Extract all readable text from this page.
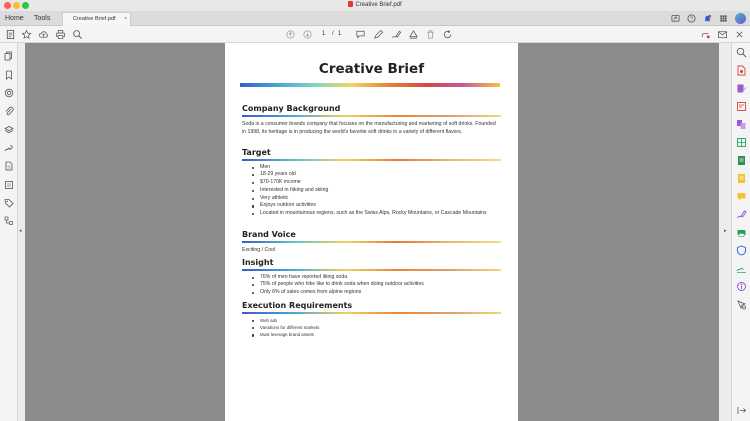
Creative Brief.pdf
Home Tools	Creative Brief.pdf ×	?
1 / 1
◂
Creative Brief
Company Background

Soda is a consumer brands company that focuses on the manufacturing and marketing of soft drinks. Founded in 1998, its heritage is in producing the world's favorite soft drinks in a variety of different flavors.

Target
Men
18-29 years old
$70-170K income
Interested in hiking and skiing
Very athletic
Enjoys outdoor activities
Located in mountainous regions, such as the Swiss Alps, Rocky Mountains, or Cascade Mountains
Brand Voice

Exciting / Cool

Insight
76% of men have reported liking soda
75% of people who hike like to drink soda when doing outdoor activities
Only 6% of sales comes from alpine regions
Execution Requirements
Web ads
Variations for different markets
Must leverage brand assets
▸
